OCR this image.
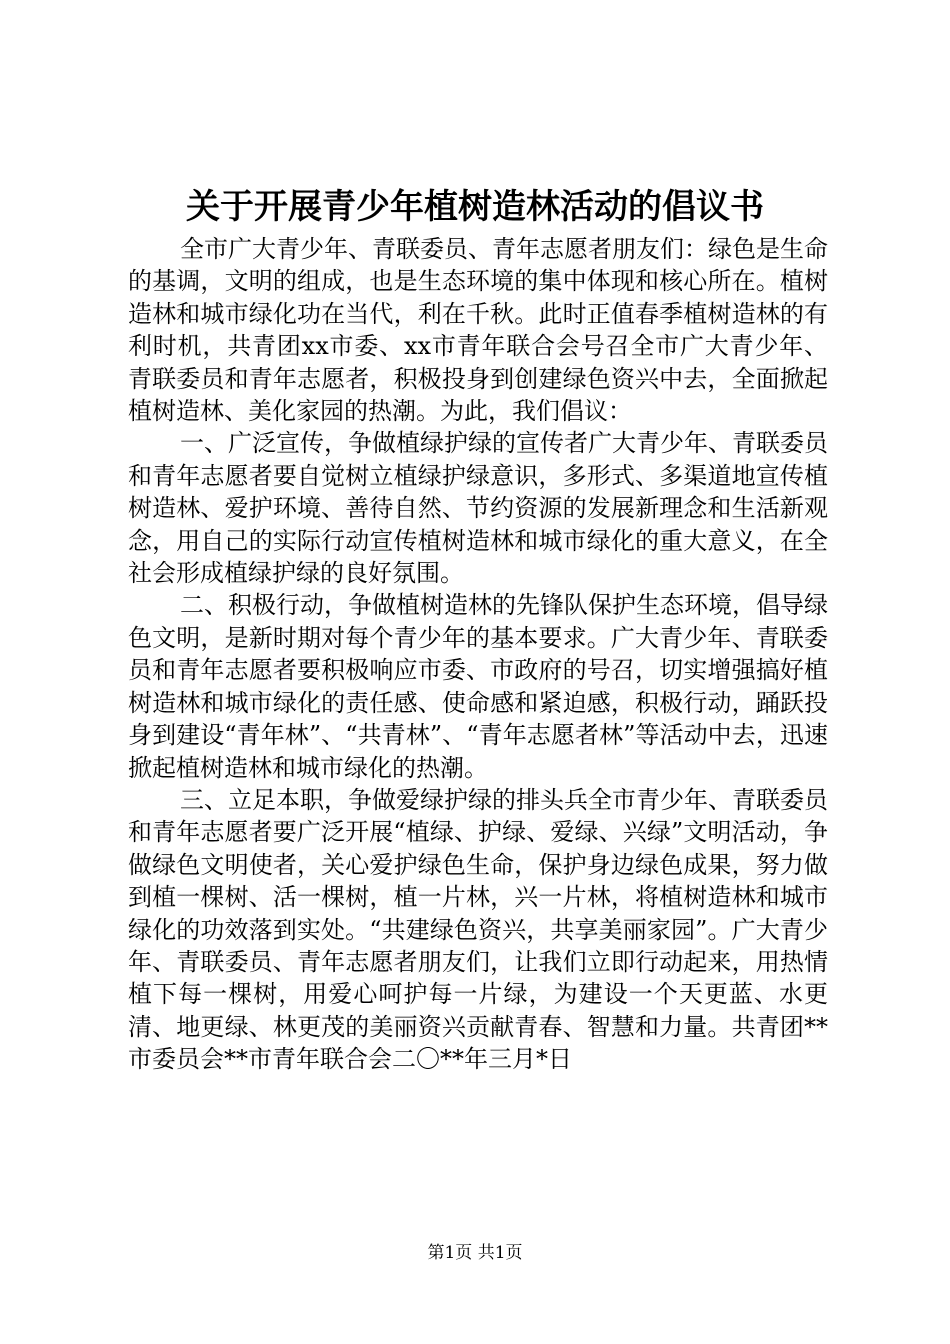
关于开展青少年植树造林活动的倡议书

全市广大青少年、青联委员、青年志愿者朋友们：绿色是生命的基调，文明的组成，也是生态环境的集中体现和核心所在。植树造林和城市绿化功在当代，利在千秋。此时正值春季植树造林的有利时机，共青团xx市委、xx市青年联合会号召全市广大青少年、青联委员和青年志愿者，积极投身到创建绿色资兴中去，全面掀起植树造林、美化家园的热潮。为此，我们倡议：

一、广泛宣传，争做植绿护绿的宣传者广大青少年、青联委员和青年志愿者要自觉树立植绿护绿意识，多形式、多渠道地宣传植树造林、爱护环境、善待自然、节约资源的发展新理念和生活新观念，用自己的实际行动宣传植树造林和城市绿化的重大意义，在全社会形成植绿护绿的良好氛围。

二、积极行动，争做植树造林的先锋队保护生态环境，倡导绿色文明，是新时期对每个青少年的基本要求。广大青少年、青联委员和青年志愿者要积极响应市委、市政府的号召，切实增强搞好植树造林和城市绿化的责任感、使命感和紧迫感，积极行动，踊跃投身到建设“青年林”、“共青林”、“青年志愿者林”等活动中去，迅速掀起植树造林和城市绿化的热潮。

三、立足本职，争做爱绿护绿的排头兵全市青少年、青联委员和青年志愿者要广泛开展“植绿、护绿、爱绿、兴绿”文明活动，争做绿色文明使者，关心爱护绿色生命，保护身边绿色成果，努力做到植一棵树、活一棵树，植一片林，兴一片林，将植树造林和城市绿化的功效落到实处。“共建绿色资兴，共享美丽家园”。广大青少年、青联委员、青年志愿者朋友们，让我们立即行动起来，用热情植下每一棵树，用爱心呵护每一片绿，为建设一个天更蓝、水更清、地更绿、林更茂的美丽资兴贡献青春、智慧和力量。共青团**市委员会**市青年联合会二〇**年三月*日

第1页 共1页
